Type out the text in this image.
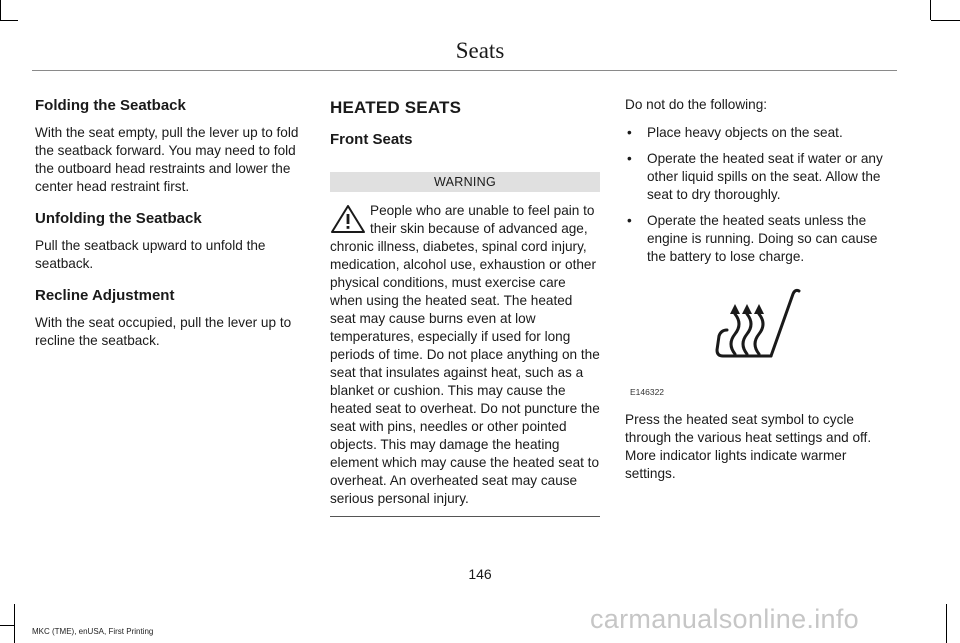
Seats
Folding the Seatback

With the seat empty, pull the lever up to fold the seatback forward. You may need to fold the outboard head restraints and lower the center head restraint first.

Unfolding the Seatback

Pull the seatback upward to unfold the seatback.

Recline Adjustment

With the seat occupied, pull the lever up to recline the seatback.

HEATED SEATS
Front Seats
WARNING
People who are unable to feel pain to their skin because of advanced age, chronic illness, diabetes, spinal cord injury, medication, alcohol use, exhaustion or other physical conditions, must exercise care when using the heated seat. The heated seat may cause burns even at low temperatures, especially if used for long periods of time. Do not place anything on the seat that insulates against heat, such as a blanket or cushion. This may cause the heated seat to overheat. Do not puncture the seat with pins, needles or other pointed objects. This may damage the heating element which may cause the heated seat to overheat. An overheated seat may cause serious personal injury.

Do not do the following:

• Place heavy objects on the seat.
• Operate the heated seat if water or any other liquid spills on the seat. Allow the seat to dry thoroughly.
• Operate the heated seats unless the engine is running. Doing so can cause the battery to lose charge.
E146322

Press the heated seat symbol to cycle through the various heat settings and off. More indicator lights indicate warmer settings.

146
MKC (TME), enUSA, First Printing	carmanualsonline.info
